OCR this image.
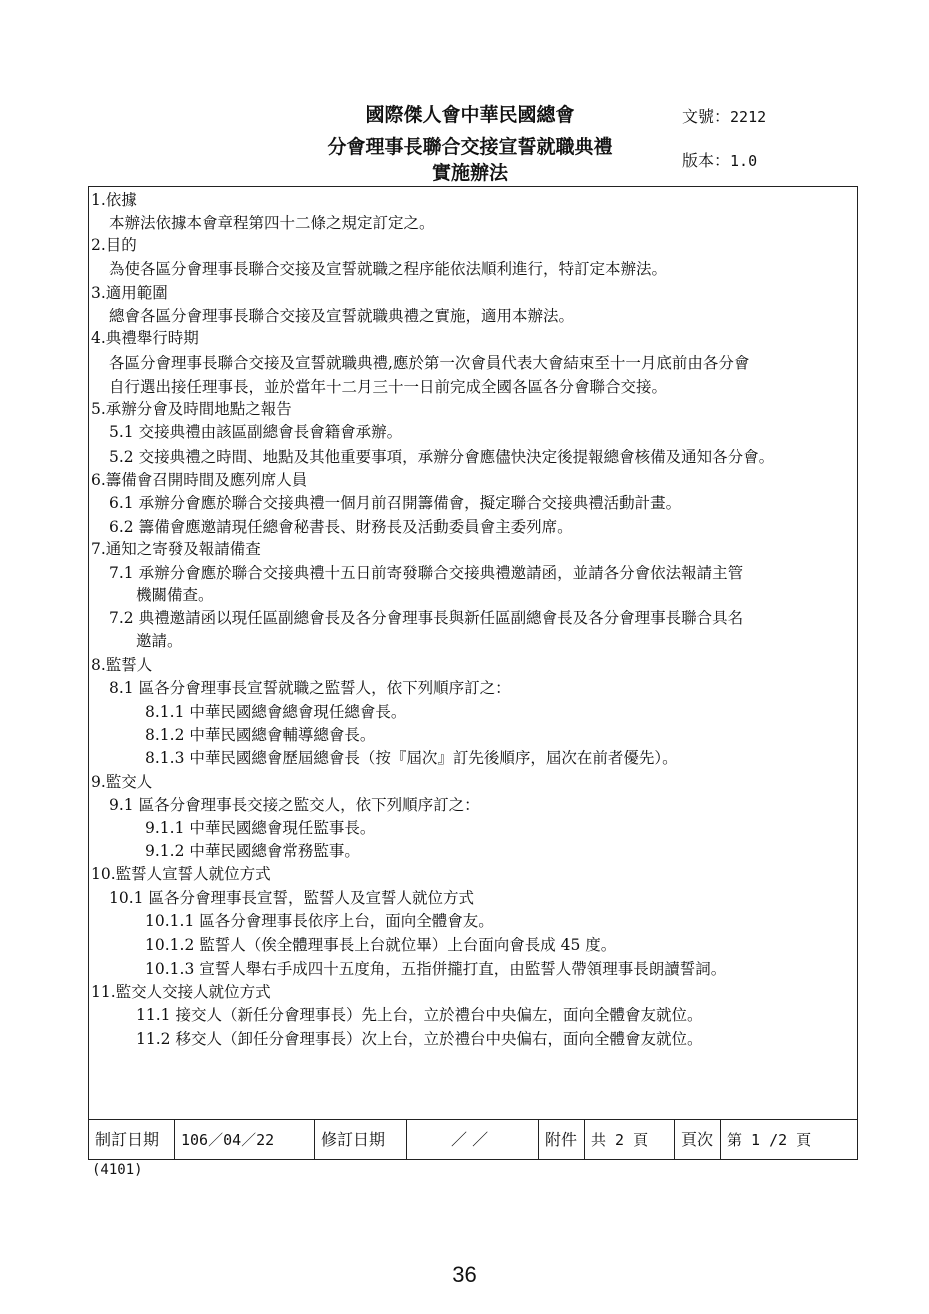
國際傑人會中華民國總會
分會理事長聯合交接宣誓就職典禮
實施辦法
文號：2212
版本：1.0
1.依據
本辦法依據本會章程第四十二條之規定訂定之。
2.目的
為使各區分會理事長聯合交接及宣誓就職之程序能依法順利進行，特訂定本辦法。
3.適用範圍
總會各區分會理事長聯合交接及宣誓就職典禮之實施，適用本辦法。
4.典禮舉行時期
各區分會理事長聯合交接及宣誓就職典禮,應於第一次會員代表大會結束至十一月底前由各分會
自行選出接任理事長，並於當年十二月三十一日前完成全國各區各分會聯合交接。
5.承辦分會及時間地點之報告
5.1 交接典禮由該區副總會長會籍會承辦。
5.2 交接典禮之時間、地點及其他重要事項，承辦分會應儘快決定後提報總會核備及通知各分會。
6.籌備會召開時間及應列席人員
6.1 承辦分會應於聯合交接典禮一個月前召開籌備會，擬定聯合交接典禮活動計畫。
6.2 籌備會應邀請現任總會秘書長、財務長及活動委員會主委列席。
7.通知之寄發及報請備查
7.1 承辦分會應於聯合交接典禮十五日前寄發聯合交接典禮邀請函，並請各分會依法報請主管
機關備查。
7.2 典禮邀請函以現任區副總會長及各分會理事長與新任區副總會長及各分會理事長聯合具名
邀請。
8.監誓人
8.1 區各分會理事長宣誓就職之監誓人，依下列順序訂之：
8.1.1 中華民國總會總會現任總會長。
8.1.2 中華民國總會輔導總會長。
8.1.3 中華民國總會歷屆總會長（按『屆次』訂先後順序，屆次在前者優先）。
9.監交人
9.1 區各分會理事長交接之監交人，依下列順序訂之：
9.1.1 中華民國總會現任監事長。
9.1.2 中華民國總會常務監事。
10.監誓人宣誓人就位方式
10.1 區各分會理事長宣誓，監誓人及宣誓人就位方式
10.1.1 區各分會理事長依序上台，面向全體會友。
10.1.2 監誓人（俟全體理事長上台就位畢）上台面向會長成 45 度。
10.1.3 宣誓人舉右手成四十五度角，五指併攏打直，由監誓人帶領理事長朗讀誓詞。
11.監交人交接人就位方式
11.1 接交人（新任分會理事長）先上台，立於禮台中央偏左，面向全體會友就位。
11.2 移交人（卸任分會理事長）次上台，立於禮台中央偏右，面向全體會友就位。
制訂日期	106／04／22	修訂日期	／ ／	附件 共 2 頁	頁次 第 1 /2 頁
(4101)
36
